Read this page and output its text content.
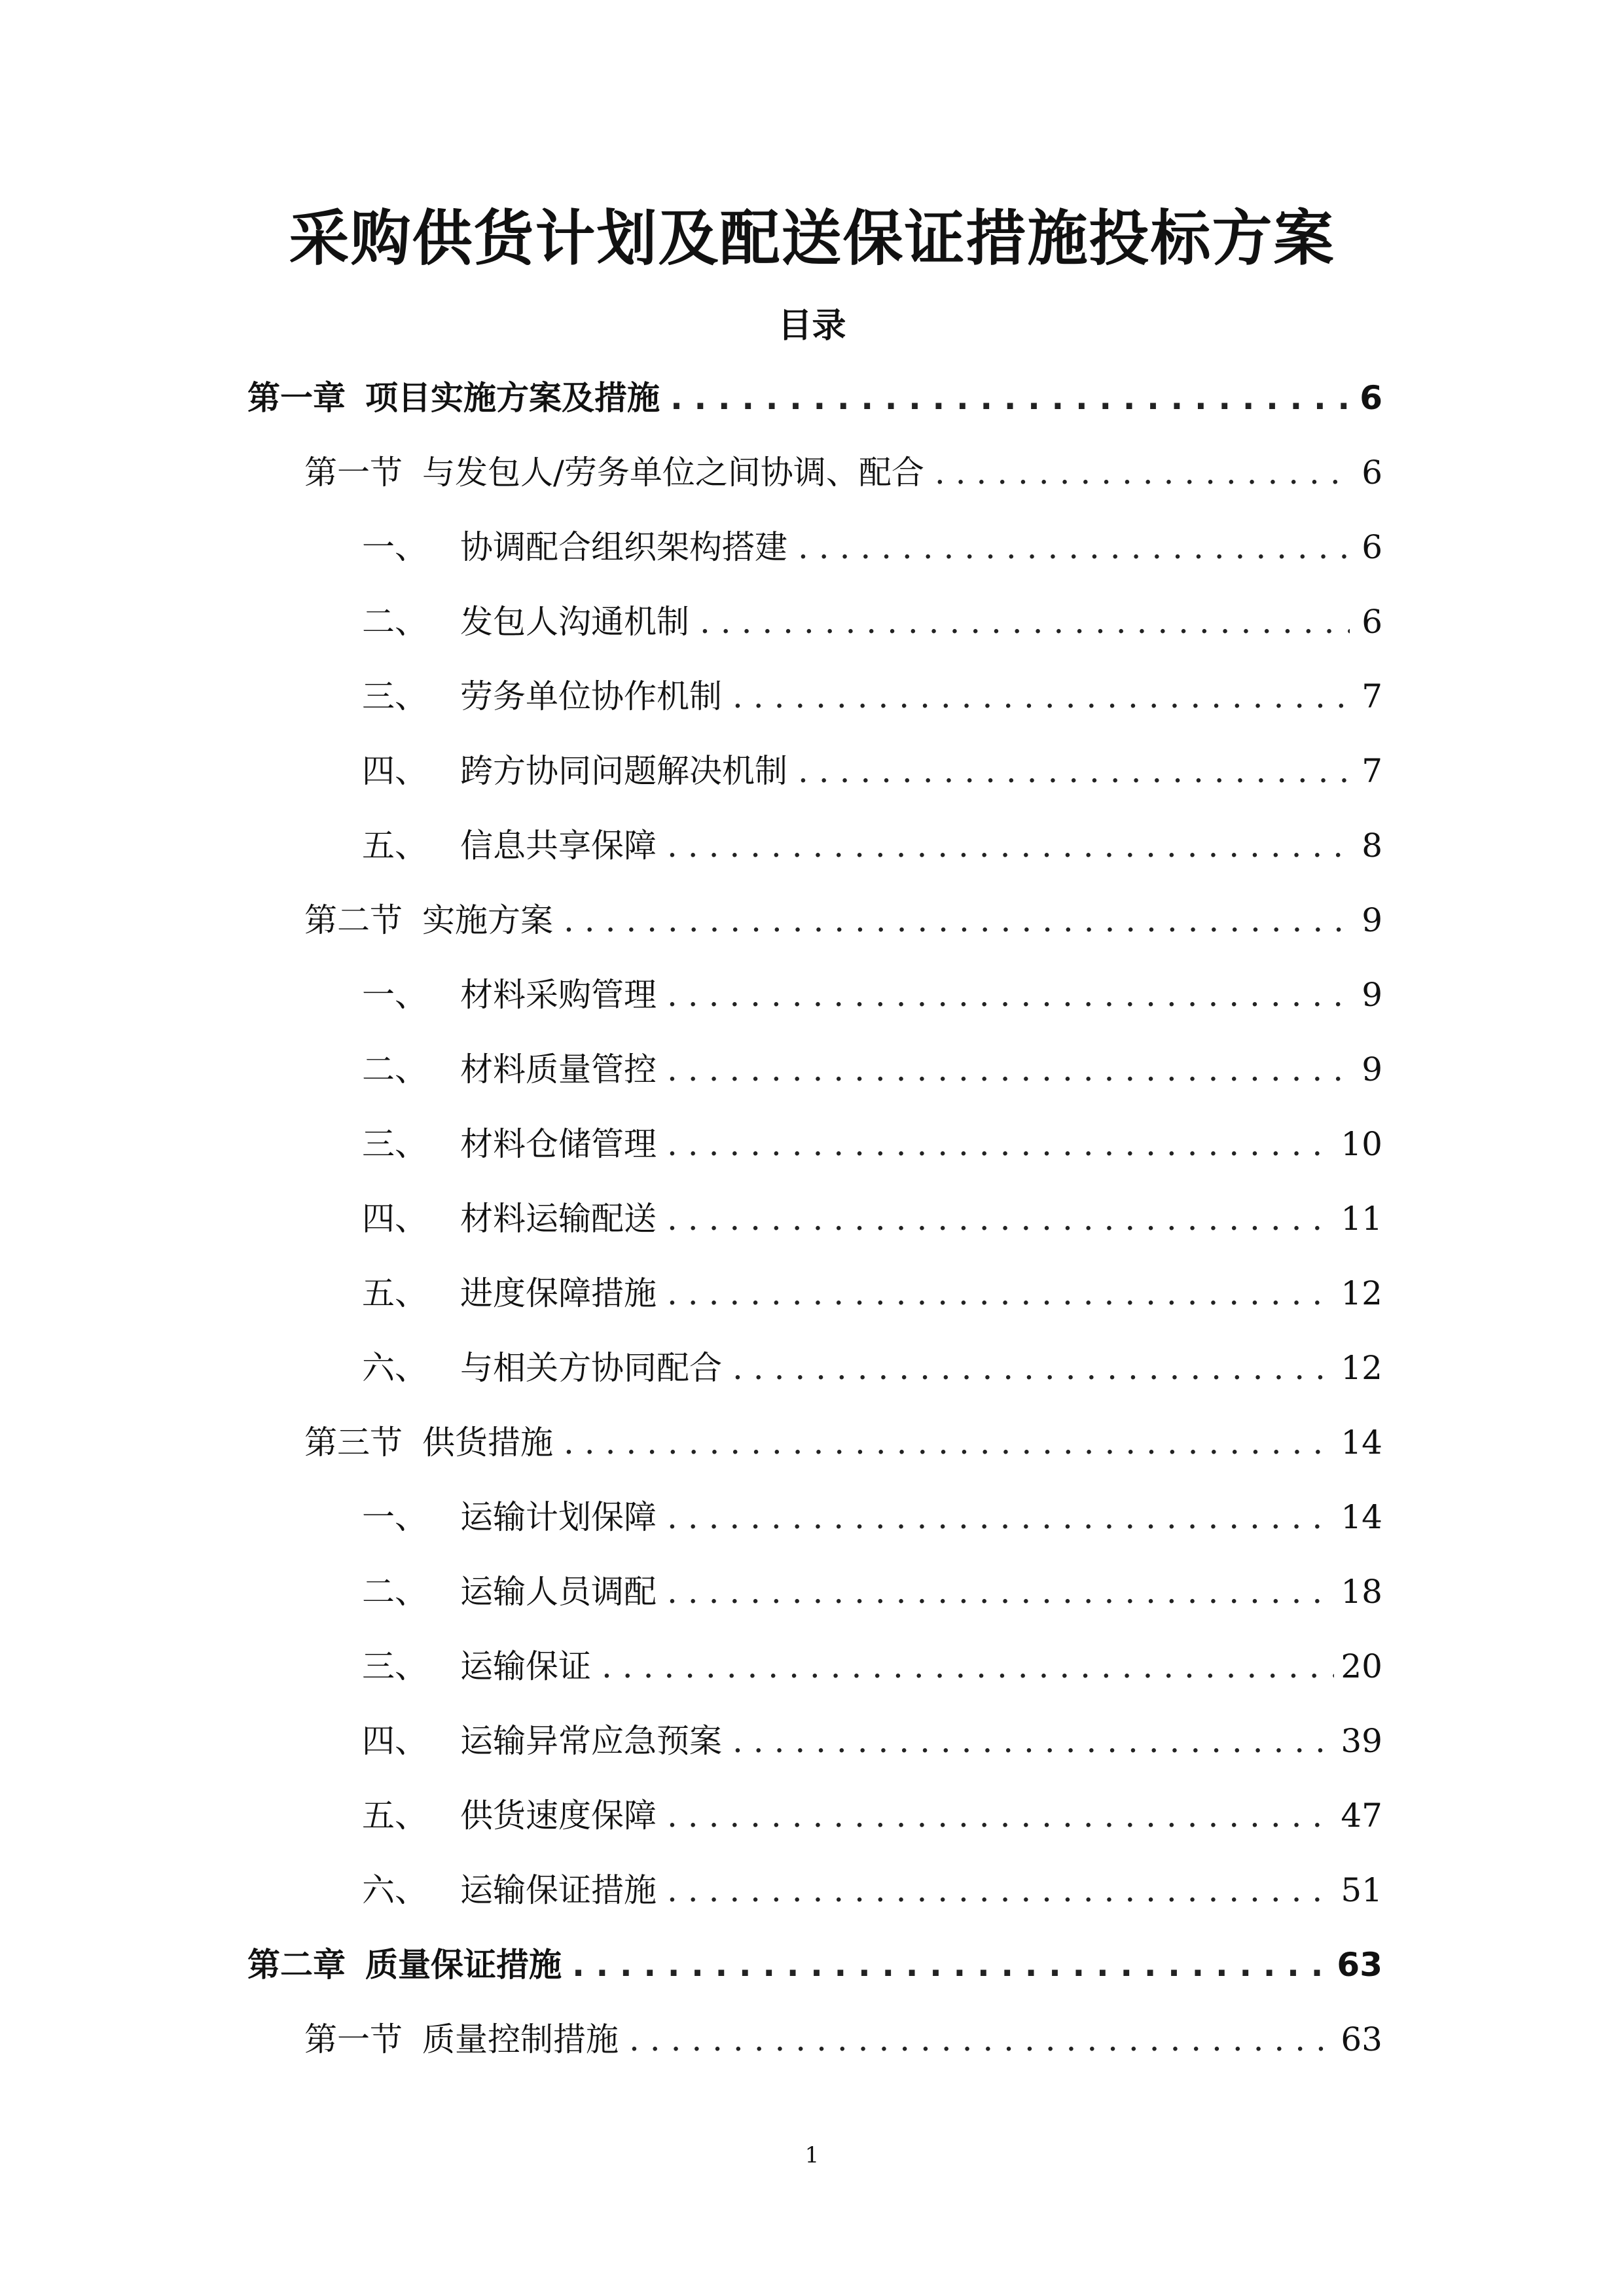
采购供货计划及配送保证措施投标方案
目录
第一章 项目实施方案及措施 . . .	6
第一节 与发包人/劳务单位之间协调、配合 . . .	6
一、	协调配合组织架构搭建 . . .	6
二、	发包人沟通机制 . . .	6
三、	劳务单位协作机制 . . .	7
四、	跨方协同问题解决机制 . . .	7
五、	信息共享保障 . . .	8
第二节 实施方案 . . .	9
一、	材料采购管理 . . .	9
二、	材料质量管控 . . .	9
三、	材料仓储管理 . . .	10
四、	材料运输配送 . . .	11
五、	进度保障措施 . . .	12
六、	与相关方协同配合 . . .	12
第三节 供货措施 . . .	14
一、	运输计划保障 . . .	14
二、	运输人员调配 . . .	18
三、	运输保证 . . .	20
四、	运输异常应急预案 . . .	39
五、	供货速度保障 . . .	47
六、	运输保证措施 . . .	51
第二章 质量保证措施 . . .	63
第一节 质量控制措施 . . .	63
1
